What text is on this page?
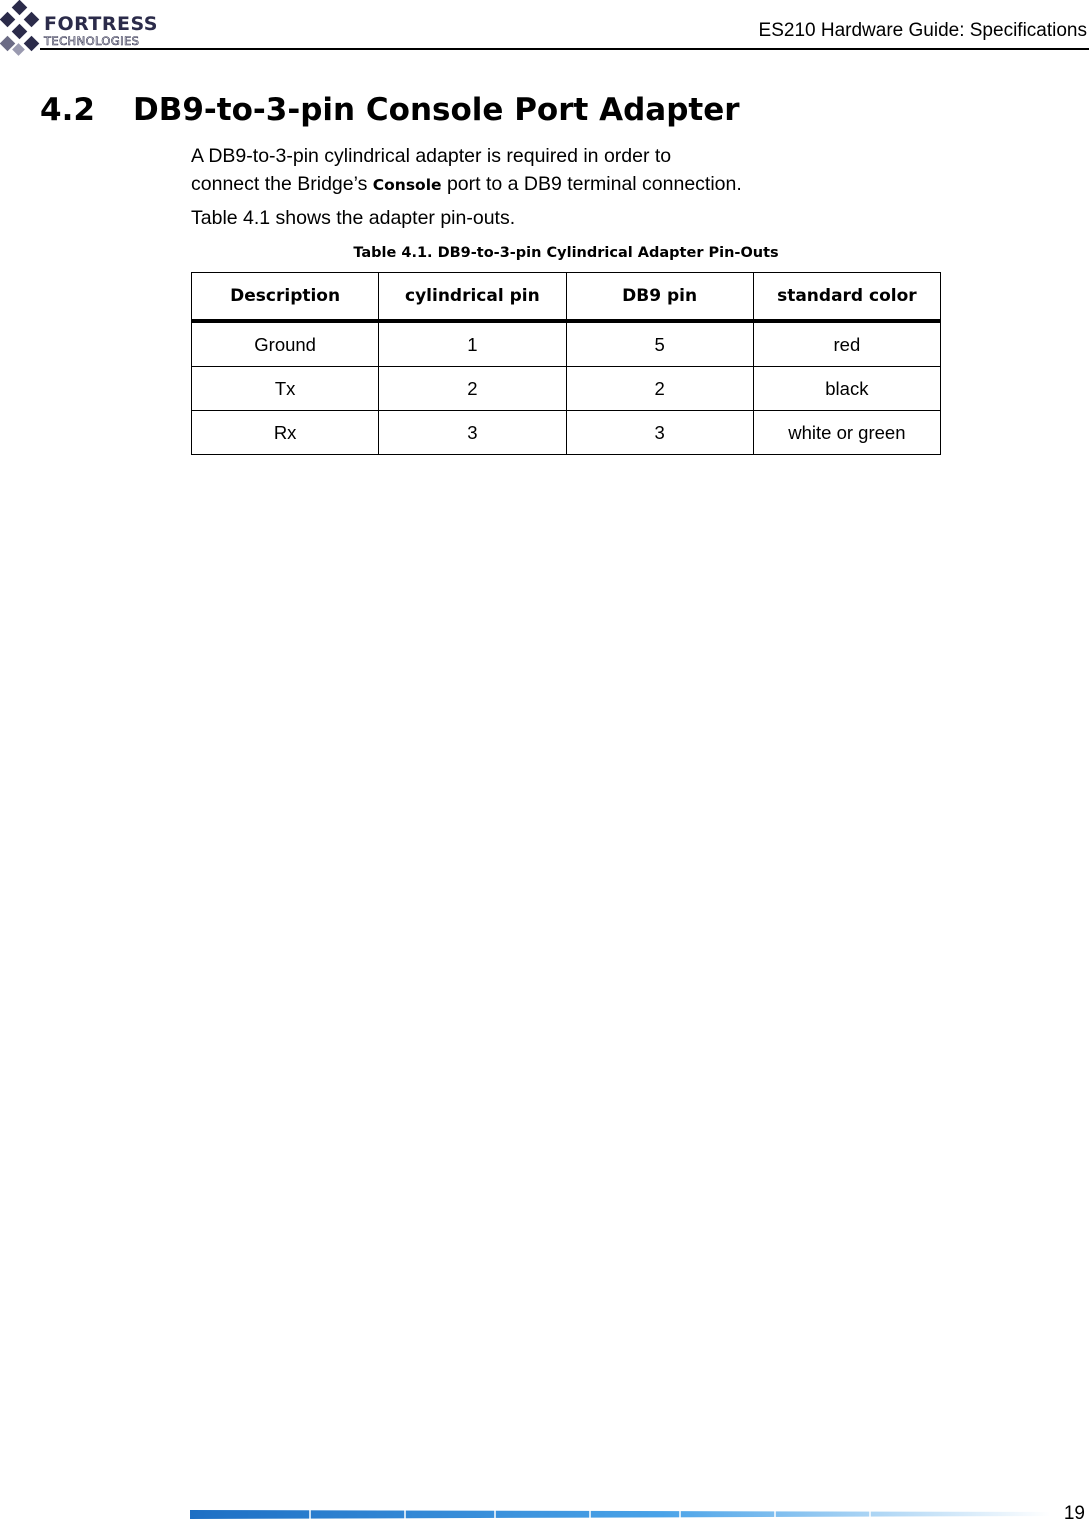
FORTRESS
TECHNOLOGIES	ES210 Hardware Guide: Specifications
4.2 DB9-to-3-pin Console Port Adapter
A DB9-to-3-pin cylindrical adapter is required in order to
connect the Bridge’s Console port to a DB9 terminal connection.
Table 4.1 shows the adapter pin-outs.
Table 4.1. DB9-to-3-pin Cylindrical Adapter Pin-Outs
Description	cylindrical pin	DB9 pin	standard color
Ground	1	5	red
Tx	2	2	black
Rx	3	3	white or green
19
